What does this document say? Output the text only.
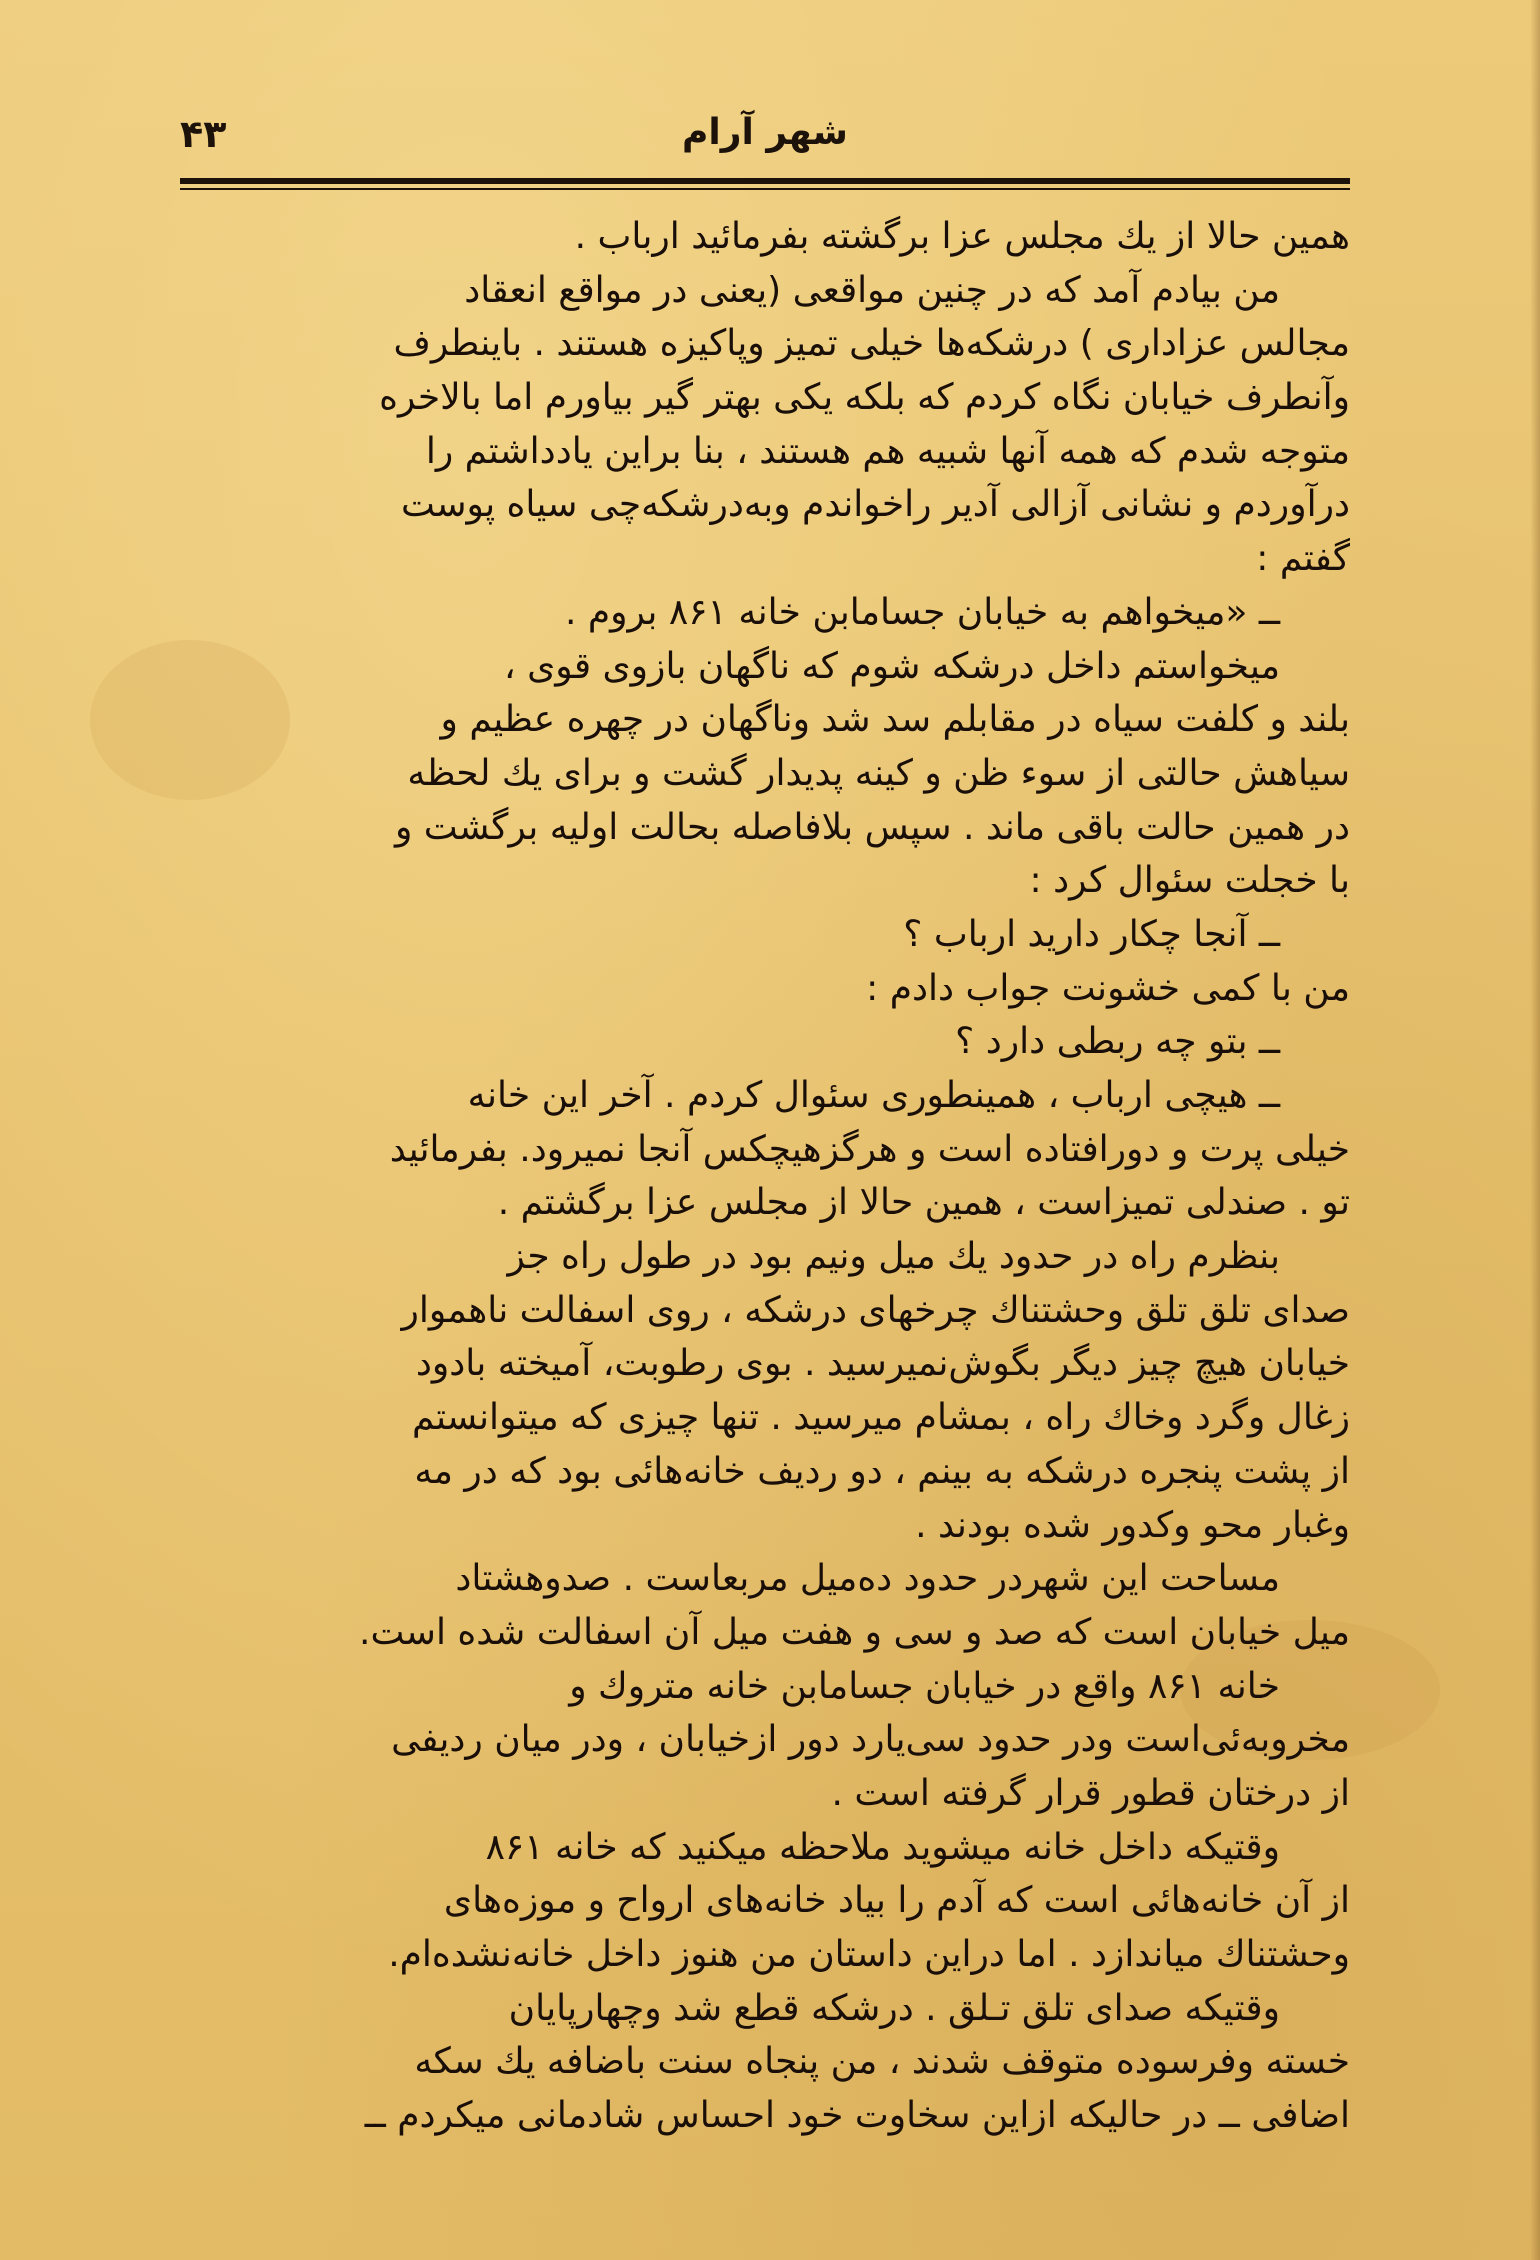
شهر آرام
۴۳
همین حالا از یك مجلس عزا برگشته بفرمائید ارباب .
من بیادم آمد که در چنین مواقعی (یعنی در مواقع انعقاد
مجالس عزاداری ) درشکه‌ها خیلی تمیز وپاکیزه هستند . باینطرف
وآنطرف خیابان نگاه کردم که بلکه یکی بهتر گیر بیاورم اما بالاخره
متوجه شدم که همه آنها شبیه هم هستند ، بنا براین یادداشتم را
درآوردم و نشانی آزالی آدیر راخواندم وبه‌درشکه‌چی سیاه پوست
گفتم :
ــ «میخواهم به خیابان جسامابن خانه ۸۶۱ بروم .
میخواستم داخل درشکه شوم که ناگهان بازوی قوی ،
بلند و کلفت سیاه در مقابلم سد شد وناگهان در چهره عظیم و
سیاهش حالتی از سوء ظن و کینه پدیدار گشت و برای یك لحظه
در همین حالت باقی ماند . سپس بلافاصله بحالت اولیه برگشت و
با خجلت سئوال کرد :
ــ آنجا چکار دارید ارباب ؟
من با کمی خشونت جواب دادم :
ــ بتو چه ربطی دارد ؟
ــ هیچی ارباب ، همینطوری سئوال کردم . آخر این خانه
خیلی پرت و دورافتاده است و هرگزهیچکس آنجا نمیرود. بفرمائید
تو . صندلی تمیزاست ، همین حالا از مجلس عزا برگشتم .
بنظرم راه در حدود یك میل ونیم بود در طول راه جز
صدای تلق تلق وحشتناك چرخهای درشکه ، روی اسفالت ناهموار
خیابان هیچ چیز دیگر بگوش‌نمیرسید . بوی رطوبت، آمیخته بادود
زغال وگرد وخاك راه ، بمشام میرسید . تنها چیزی که میتوانستم
از پشت پنجره درشکه به بینم ، دو ردیف خانه‌هائی بود که در مه
وغبار محو وکدور شده بودند .
مساحت این شهردر حدود ده‌میل مربعاست . صدوهشتاد
میل خیابان است که صد و سی و هفت میل آن اسفالت شده است.
خانه ۸۶۱ واقع در خیابان جسامابن خانه متروك و
مخروبه‌ئی‌است ودر حدود سی‌یارد دور ازخیابان ، ودر میان ردیفی
از درختان قطور قرار گرفته است .
وقتیکه داخل خانه میشوید ملاحظه میکنید که خانه ۸۶۱
از آن خانه‌هائی است که آدم را بیاد خانه‌های ارواح و موزه‌های
وحشتناك میاندازد . اما دراین داستان من هنوز داخل خانه‌نشده‌ام.
وقتیکه صدای تلق تـلق . درشکه قطع شد وچهارپایان
خسته وفرسوده متوقف شدند ، من پنجاه سنت باضافه یك سکه
اضافی ــ در حالیکه ازاین سخاوت خود احساس شادمانی میکردم ــ
